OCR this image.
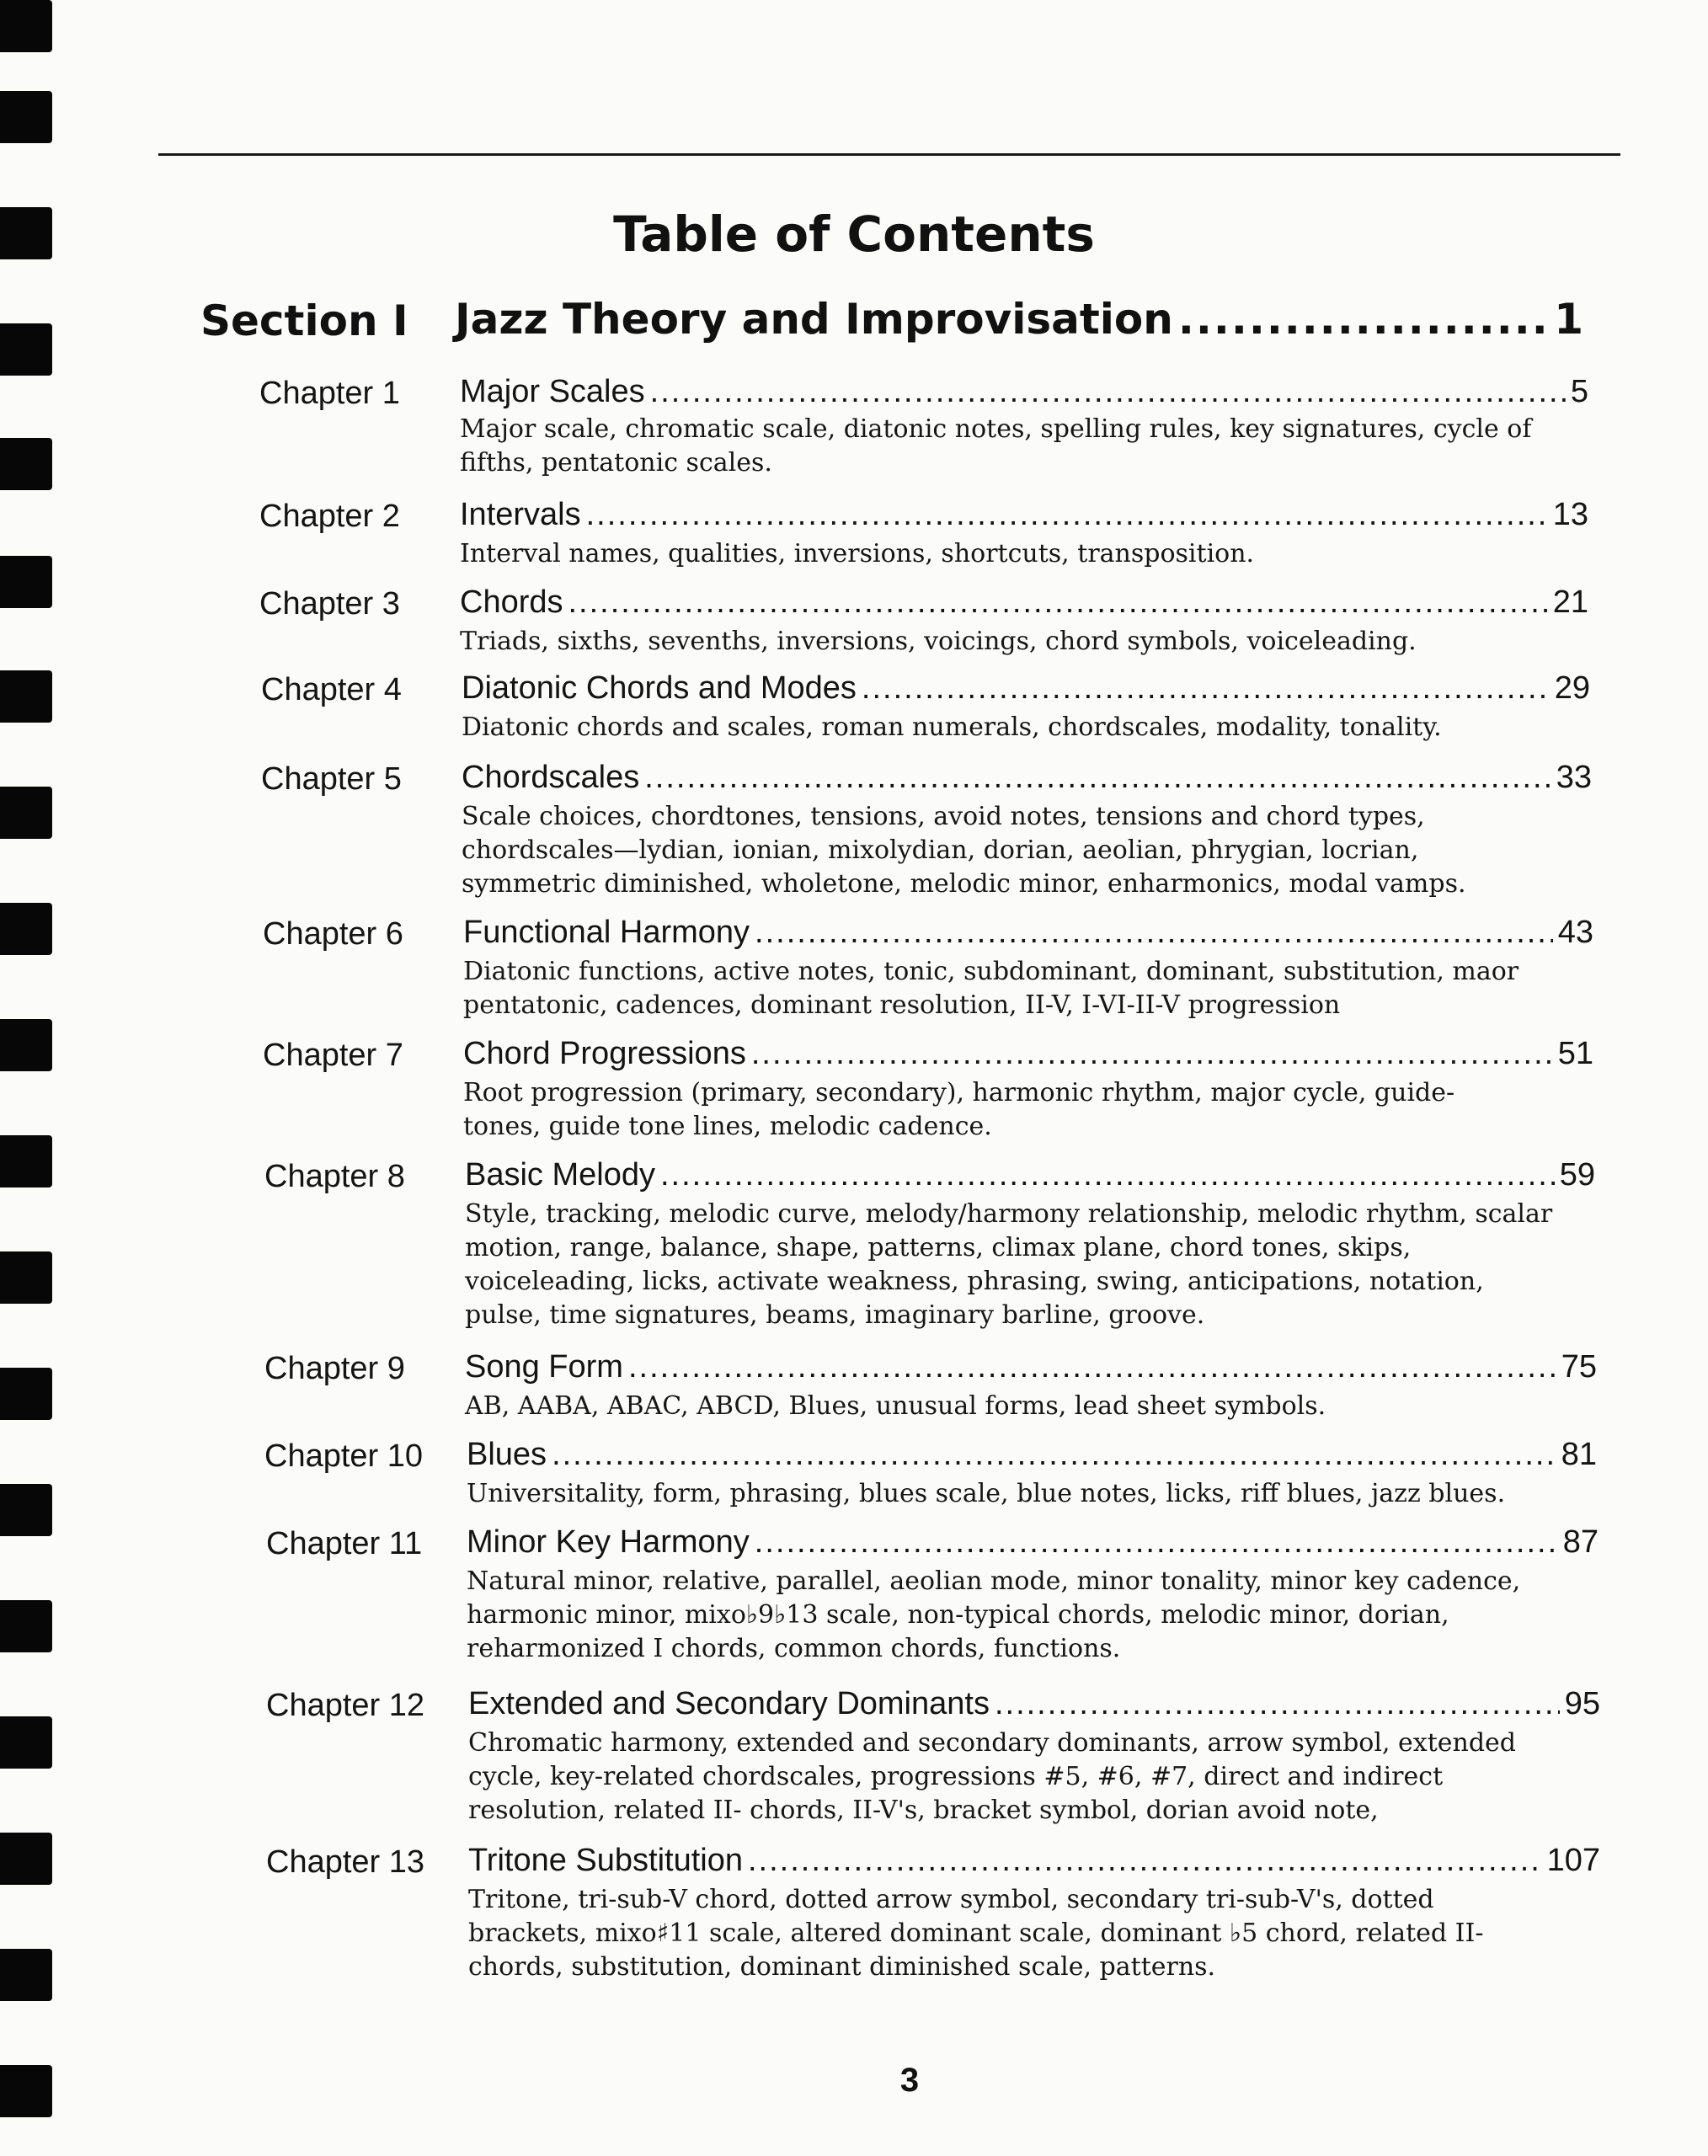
Table of Contents
Section I Jazz Theory and Improvisation .....	1
Chapter 1 Major Scales .....	5

Major scale, chromatic scale, diatonic notes, spelling rules, key signatures, cycle of fifths, pentatonic scales.

Chapter 2 Intervals .....	13

Interval names, qualities, inversions, shortcuts, transposition.

Chapter 3 Chords .....	21

Triads, sixths, sevenths, inversions, voicings, chord symbols, voiceleading.

Chapter 4 Diatonic Chords and Modes .....	29

Diatonic chords and scales, roman numerals, chordscales, modality, tonality.

Chapter 5 Chordscales .....	33

Scale choices, chordtones, tensions, avoid notes, tensions and chord types, chordscales—lydian, ionian, mixolydian, dorian, aeolian, phrygian, locrian, symmetric diminished, wholetone, melodic minor, enharmonics, modal vamps.

Chapter 6 Functional Harmony .....	43

Diatonic functions, active notes, tonic, subdominant, dominant, substitution, maor pentatonic, cadences, dominant resolution, II-V, I-VI-II-V progression

Chapter 7 Chord Progressions .....	51

Root progression (primary, secondary), harmonic rhythm, major cycle, guide-tones, guide tone lines, melodic cadence.

Chapter 8 Basic Melody .....	59

Style, tracking, melodic curve, melody/harmony relationship, melodic rhythm, scalar motion, range, balance, shape, patterns, climax plane, chord tones, skips, voiceleading, licks, activate weakness, phrasing, swing, anticipations, notation, pulse, time signatures, beams, imaginary barline, groove.

Chapter 9 Song Form .....	75

AB, AABA, ABAC, ABCD, Blues, unusual forms, lead sheet symbols.

Chapter 10 Blues .....	81

Universitality, form, phrasing, blues scale, blue notes, licks, riff blues, jazz blues.

Chapter 11 Minor Key Harmony .....	87

Natural minor, relative, parallel, aeolian mode, minor tonality, minor key cadence, harmonic minor, mixo♭9♭13 scale, non-typical chords, melodic minor, dorian, reharmonized I chords, common chords, functions.

Chapter 12 Extended and Secondary Dominants .....	95

Chromatic harmony, extended and secondary dominants, arrow symbol, extended cycle, key-related chordscales, progressions #5, #6, #7, direct and indirect resolution, related II- chords, II-V's, bracket symbol, dorian avoid note,

Chapter 13 Tritone Substitution .....	107

Tritone, tri-sub-V chord, dotted arrow symbol, secondary tri-sub-V's, dotted brackets, mixo♯11 scale, altered dominant scale, dominant ♭5 chord, related II-chords, substitution, dominant diminished scale, patterns.

3
